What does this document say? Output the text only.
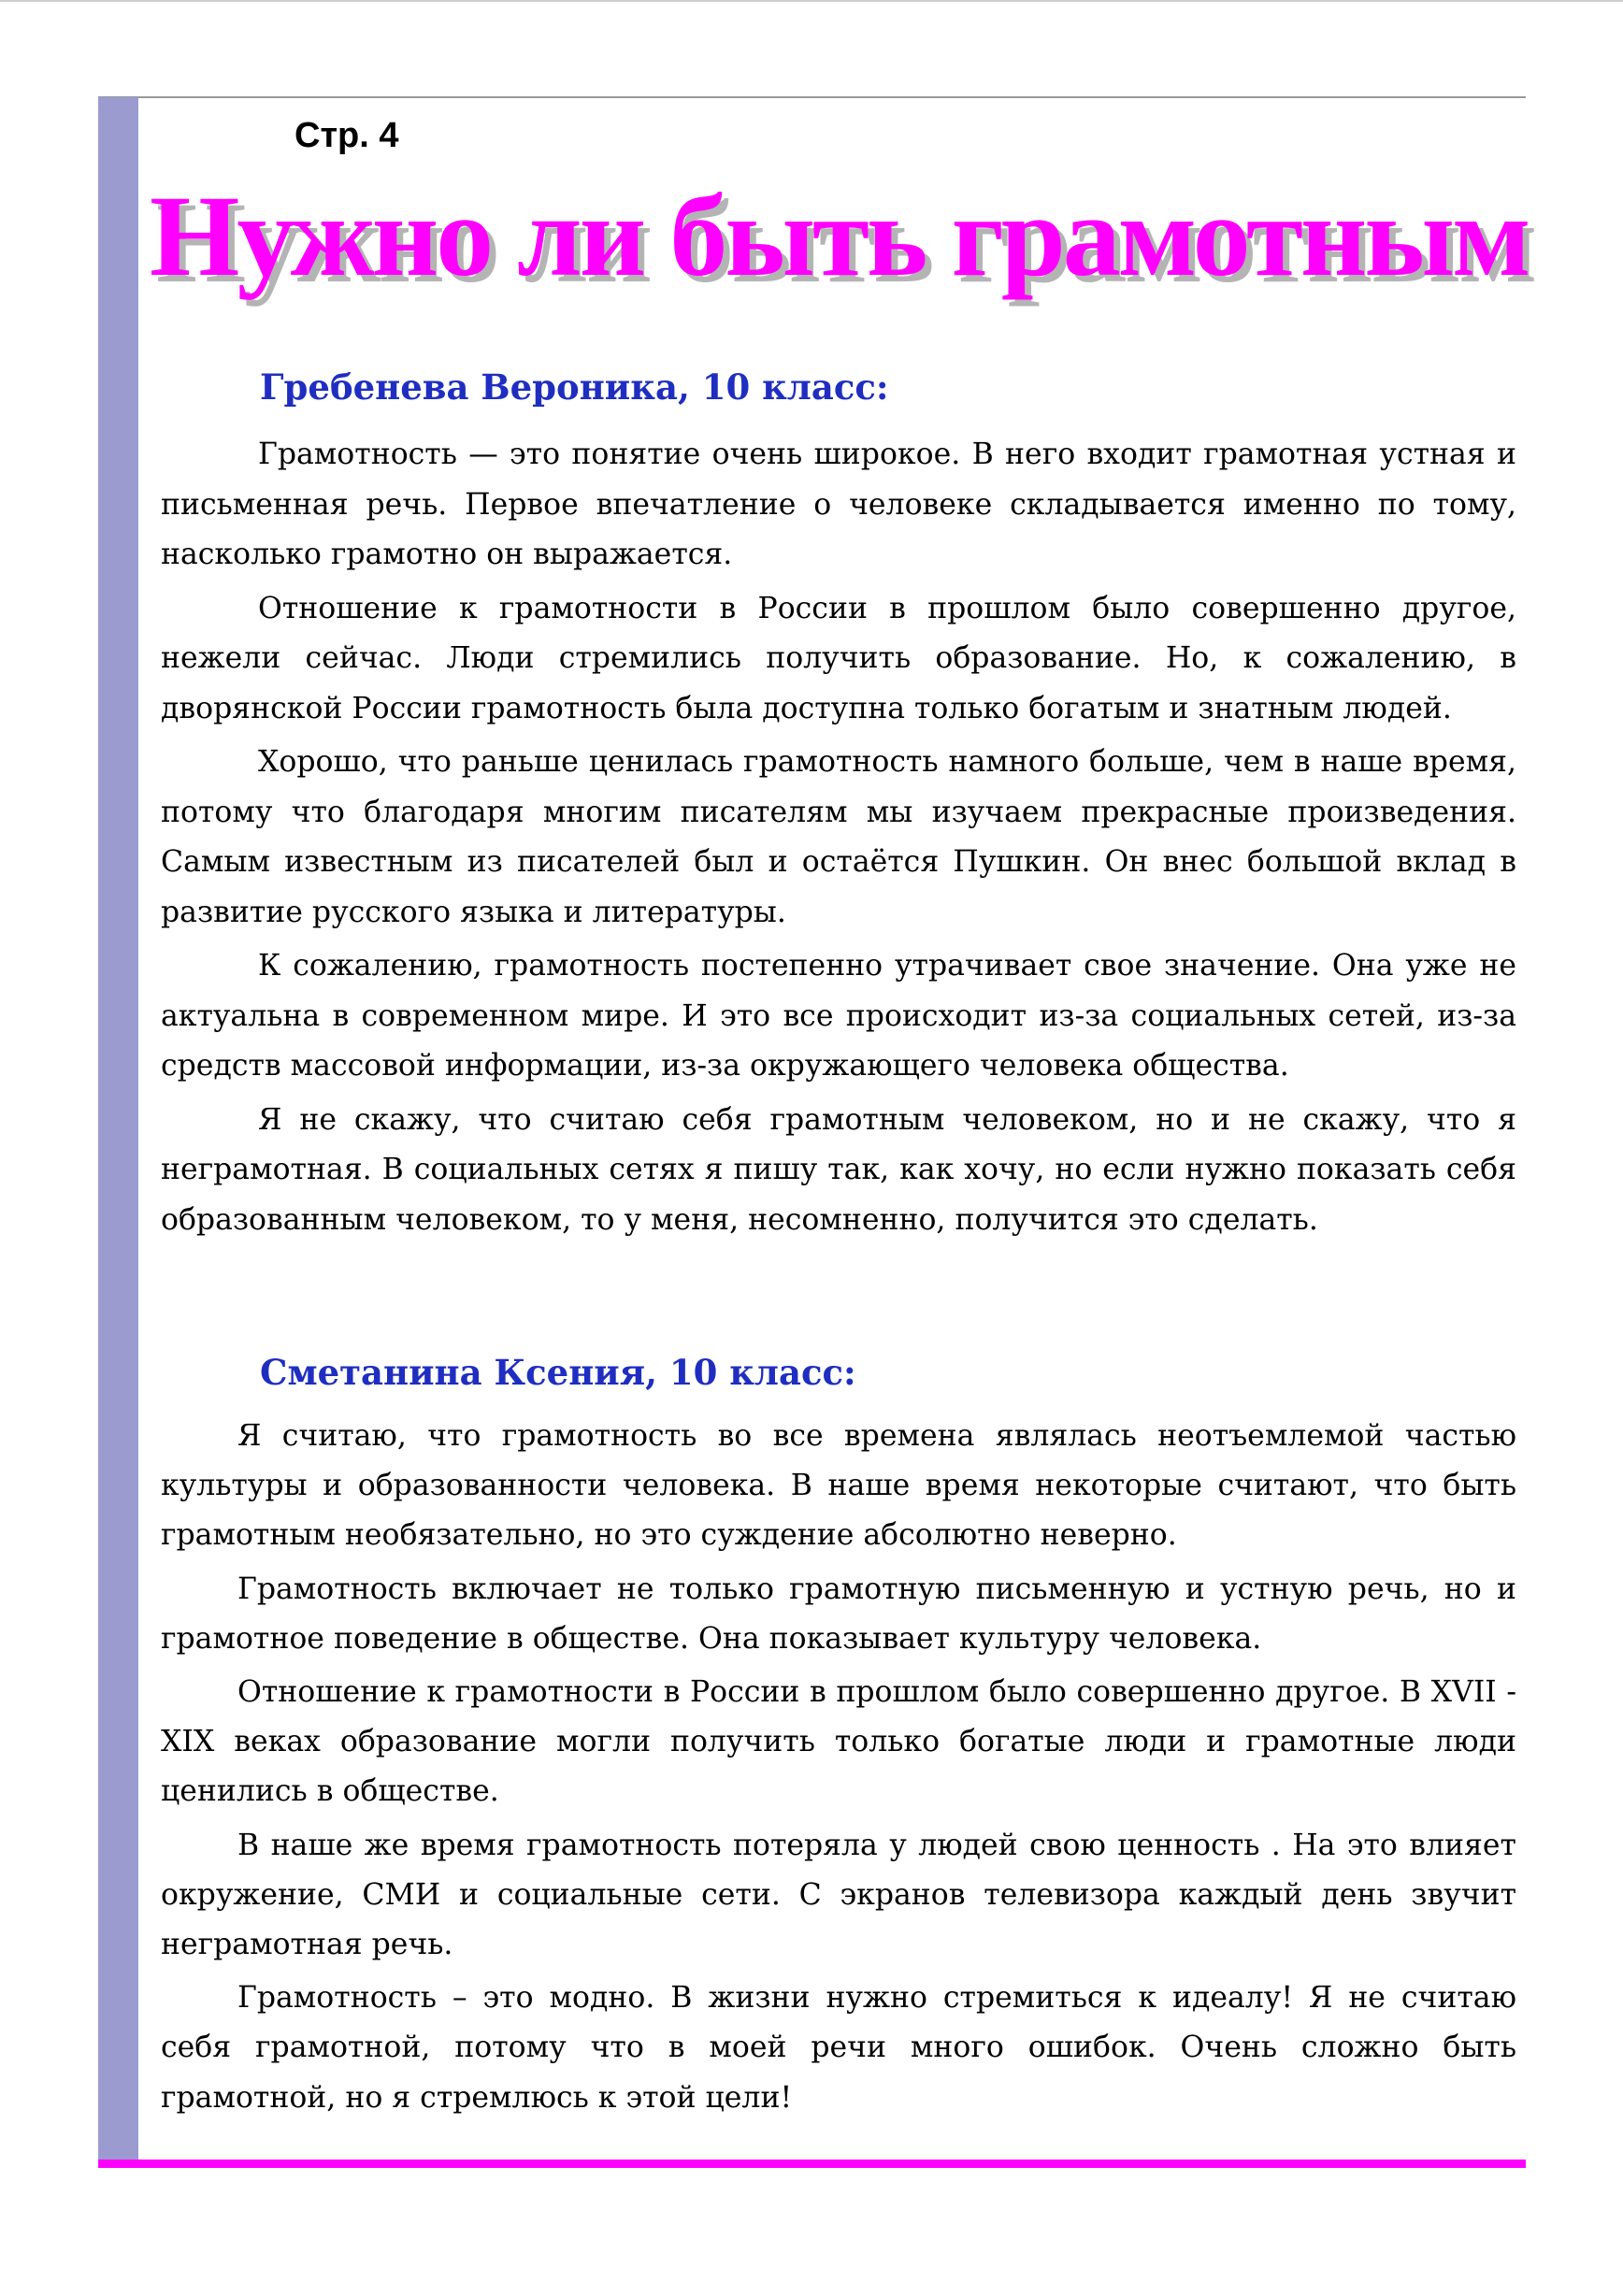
Стр. 4

Нужно ли быть грамотным
Гребенева Вероника, 10 класс:

Грамотность — это понятие очень широкое. В него входит грамотная устная и письменная речь. Первое впечатление о человеке складывается именно по тому, насколько грамотно он выражается.

Отношение к грамотности в России в прошлом было совершенно другое, нежели сейчас. Люди стремились получить образование. Но, к сожалению, в дворянской России грамотность была доступна только богатым и знатным людей.

Хорошо, что раньше ценилась грамотность намного больше, чем в наше время, потому что благодаря многим писателям мы изучаем прекрасные произведения. Самым известным из писателей был и остаётся Пушкин. Он внес большой вклад в развитие русского языка и литературы.

К сожалению, грамотность постепенно утрачивает свое значение. Она уже не актуальна в современном мире. И это все происходит из-за социальных сетей, из-за средств массовой информации, из-за окружающего человека общества.

Я не скажу, что считаю себя грамотным человеком, но и не скажу, что я неграмотная. В социальных сетях я пишу так, как хочу, но если нужно показать себя образованным человеком, то у меня, несомненно, получится это сделать.

Сметанина Ксения, 10 класс:

Я считаю, что грамотность во все времена являлась неотъемлемой частью культуры и образованности человека. В наше время некоторые считают, что быть грамотным необязательно, но это суждение абсолютно неверно.

Грамотность включает не только грамотную письменную и устную речь, но и грамотное поведение в обществе. Она показывает культуру человека.

Отношение к грамотности в России в прошлом было совершенно другое. В XVII - XIX веках образование могли получить только богатые люди и грамотные люди ценились в обществе.

В наше же время грамотность потеряла у людей свою ценность . На это влияет окружение, СМИ и социальные сети. С экранов телевизора каждый день звучит неграмотная речь.

Грамотность – это модно. В жизни нужно стремиться к идеалу! Я не считаю себя грамотной, потому что в моей речи много ошибок. Очень сложно быть грамотной, но я стремлюсь к этой цели!
